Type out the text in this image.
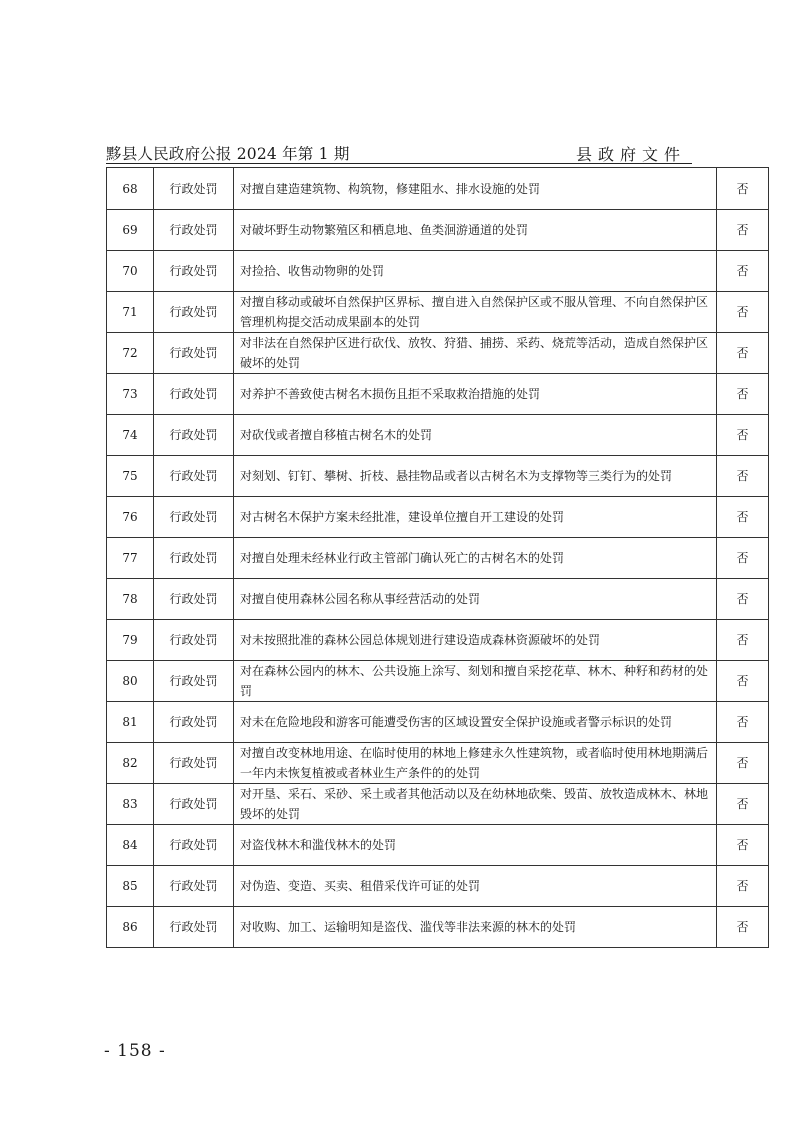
黟县人民政府公报 2024 年第 1 期	县政府文件
68	行政处罚	对擅自建造建筑物、构筑物，修建阻水、排水设施的处罚	否
69	行政处罚	对破坏野生动物繁殖区和栖息地、鱼类洄游通道的处罚	否
70	行政处罚	对捡拾、收售动物卵的处罚	否
71	行政处罚	对擅自移动或破坏自然保护区界标、擅自进入自然保护区或不服从管理、不向自然保护区管理机构提交活动成果副本的处罚	否
72	行政处罚	对非法在自然保护区进行砍伐、放牧、狩猎、捕捞、采药、烧荒等活动，造成自然保护区破坏的处罚	否
73	行政处罚	对养护不善致使古树名木损伤且拒不采取救治措施的处罚	否
74	行政处罚	对砍伐或者擅自移植古树名木的处罚	否
75	行政处罚	对刻划、钉钉、攀树、折枝、悬挂物品或者以古树名木为支撑物等三类行为的处罚	否
76	行政处罚	对古树名木保护方案未经批准，建设单位擅自开工建设的处罚	否
77	行政处罚	对擅自处理未经林业行政主管部门确认死亡的古树名木的处罚	否
78	行政处罚	对擅自使用森林公园名称从事经营活动的处罚	否
79	行政处罚	对未按照批准的森林公园总体规划进行建设造成森林资源破坏的处罚	否
80	行政处罚	对在森林公园内的林木、公共设施上涂写、刻划和擅自采挖花草、林木、种籽和药材的处罚	否
81	行政处罚	对未在危险地段和游客可能遭受伤害的区域设置安全保护设施或者警示标识的处罚	否
82	行政处罚	对擅自改变林地用途、在临时使用的林地上修建永久性建筑物，或者临时使用林地期满后一年内未恢复植被或者林业生产条件的的处罚	否
83	行政处罚	对开垦、采石、采砂、采土或者其他活动以及在幼林地砍柴、毁苗、放牧造成林木、林地毁坏的处罚	否
84	行政处罚	对盗伐林木和滥伐林木的处罚	否
85	行政处罚	对伪造、变造、买卖、租借采伐许可证的处罚	否
86	行政处罚	对收购、加工、运输明知是盗伐、滥伐等非法来源的林木的处罚	否
- 158 -
